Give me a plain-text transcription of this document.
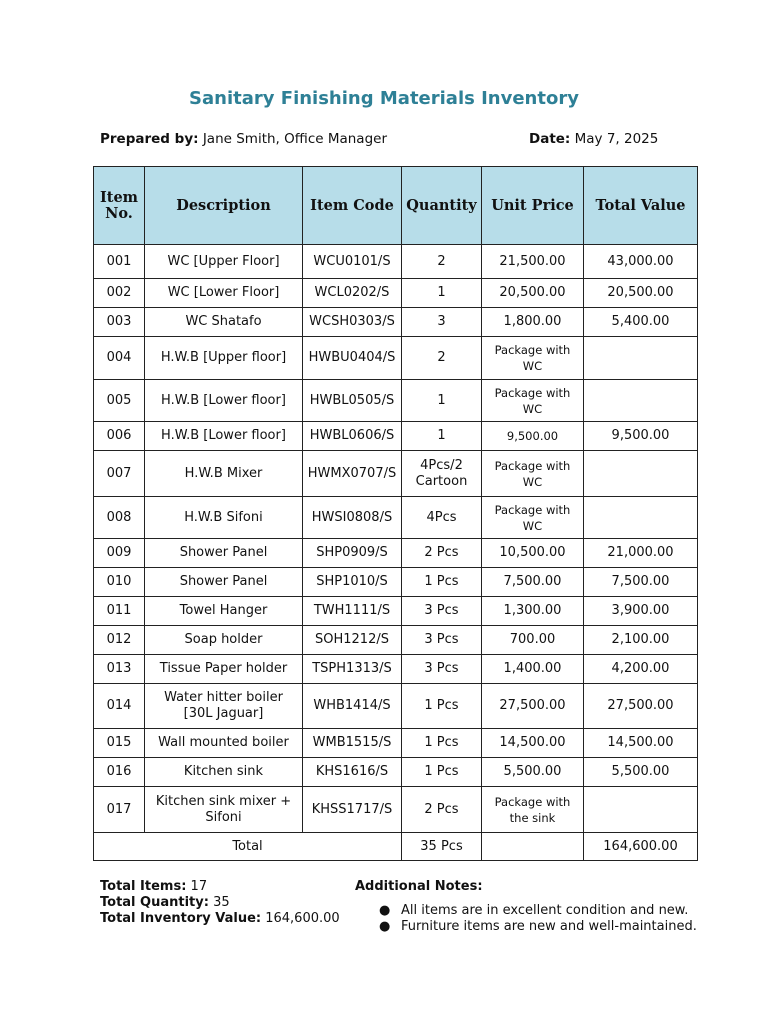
Sanitary Finishing Materials Inventory
Prepared by: Jane Smith, Office Manager	Date: May 7, 2025
Item No.	Description	Item Code	Quantity	Unit Price	Total Value
001	WC [Upper Floor]	WCU0101/S	2	21,500.00	43,000.00
002	WC [Lower Floor]	WCL0202/S	1	20,500.00	20,500.00
003	WC Shatafo	WCSH0303/S	3	1,800.00	5,400.00
004	H.W.B [Upper floor]	HWBU0404/S	2	Package with WC	
005	H.W.B [Lower floor]	HWBL0505/S	1	Package with WC	
006	H.W.B [Lower floor]	HWBL0606/S	1	9,500.00	9,500.00
007	H.W.B Mixer	HWMX0707/S	4Pcs/2 Cartoon	Package with WC	
008	H.W.B Sifoni	HWSI0808/S	4Pcs	Package with WC	
009	Shower Panel	SHP0909/S	2 Pcs	10,500.00	21,000.00
010	Shower Panel	SHP1010/S	1 Pcs	7,500.00	7,500.00
011	Towel Hanger	TWH1111/S	3 Pcs	1,300.00	3,900.00
012	Soap holder	SOH1212/S	3 Pcs	700.00	2,100.00
013	Tissue Paper holder	TSPH1313/S	3 Pcs	1,400.00	4,200.00
014	Water hitter boiler [30L Jaguar]	WHB1414/S	1 Pcs	27,500.00	27,500.00
015	Wall mounted boiler	WMB1515/S	1 Pcs	14,500.00	14,500.00
016	Kitchen sink	KHS1616/S	1 Pcs	5,500.00	5,500.00
017	Kitchen sink mixer + Sifoni	KHSS1717/S	2 Pcs	Package with the sink	
Total			35 Pcs		164,600.00
Total Items: 17
Total Quantity: 35
Total Inventory Value: 164,600.00
Additional Notes:
● All items are in excellent condition and new.
● Furniture items are new and well-maintained.
